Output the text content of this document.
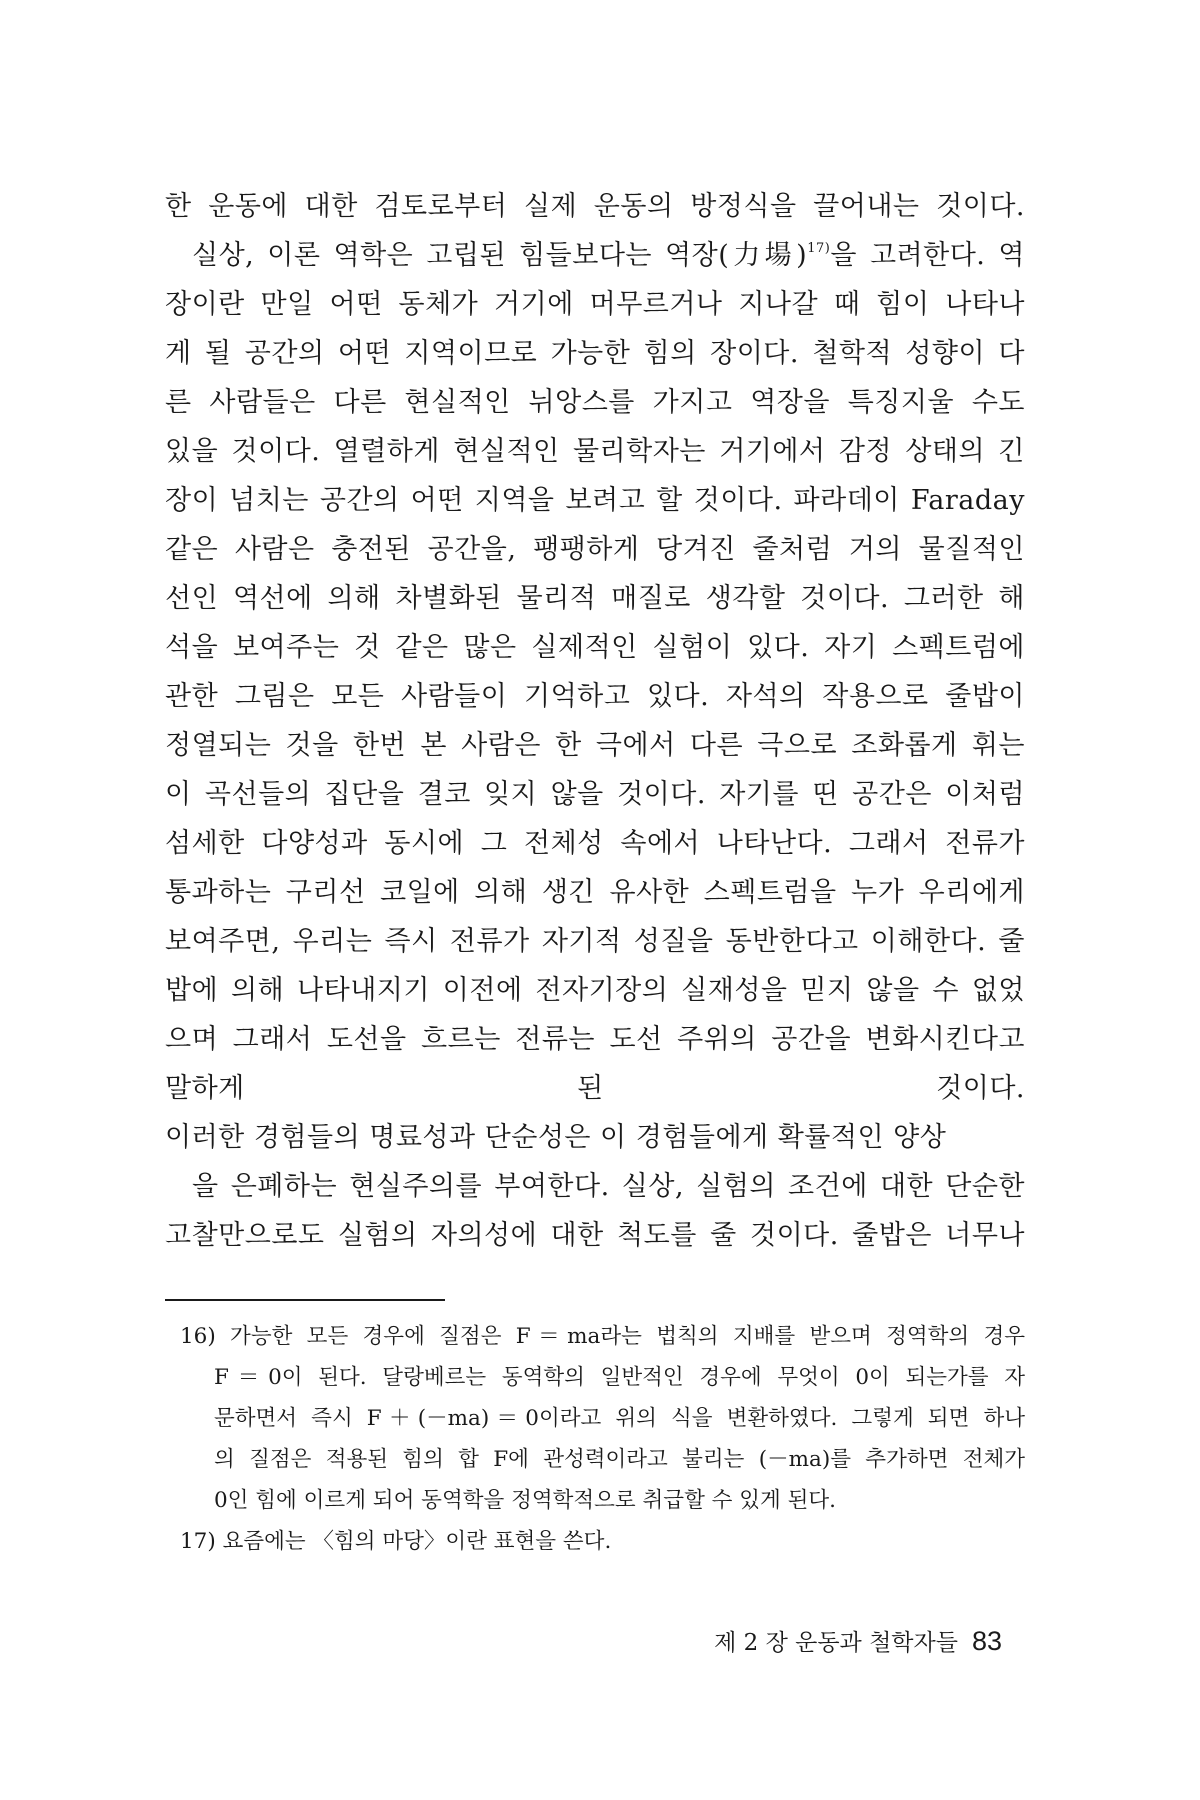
한 운동에 대한 검토로부터 실제 운동의 방정식을 끌어내는 것이다.
실상, 이론 역학은 고립된 힘들보다는 역장(力場)$^{17)}$을 고려한다. 역
장이란 만일 어떤 동체가 거기에 머무르거나 지나갈 때 힘이 나타나
게 될 공간의 어떤 지역이므로 가능한 힘의 장이다. 철학적 성향이 다
른 사람들은 다른 현실적인 뉘앙스를 가지고 역장을 특징지울 수도
있을 것이다. 열렬하게 현실적인 물리학자는 거기에서 감정 상태의 긴
장이 넘치는 공간의 어떤 지역을 보려고 할 것이다. 파라데이 Faraday
같은 사람은 충전된 공간을, 팽팽하게 당겨진 줄처럼 거의 물질적인
선인 역선에 의해 차별화된 물리적 매질로 생각할 것이다. 그러한 해
석을 보여주는 것 같은 많은 실제적인 실험이 있다. 자기 스펙트럼에
관한 그림은 모든 사람들이 기억하고 있다. 자석의 작용으로 줄밥이
정열되는 것을 한번 본 사람은 한 극에서 다른 극으로 조화롭게 휘는
이 곡선들의 집단을 결코 잊지 않을 것이다. 자기를 띤 공간은 이처럼
섬세한 다양성과 동시에 그 전체성 속에서 나타난다. 그래서 전류가
통과하는 구리선 코일에 의해 생긴 유사한 스펙트럼을 누가 우리에게
보여주면, 우리는 즉시 전류가 자기적 성질을 동반한다고 이해한다. 줄
밥에 의해 나타내지기 이전에 전자기장의 실재성을 믿지 않을 수 없었
으며 그래서 도선을 흐르는 전류는 도선 주위의 공간을 변화시킨다고
말하게 된 것이다.
이러한 경험들의 명료성과 단순성은 이 경험들에게 확률적인 양상
을 은폐하는 현실주의를 부여한다. 실상, 실험의 조건에 대한 단순한
고찰만으로도 실험의 자의성에 대한 척도를 줄 것이다. 줄밥은 너무나
16) 가능한 모든 경우에 질점은 F＝ma라는 법칙의 지배를 받으며 정역학의 경우
F＝0이 된다. 달랑베르는 동역학의 일반적인 경우에 무엇이 0이 되는가를 자
문하면서 즉시 F＋(－ma)＝0이라고 위의 식을 변환하였다. 그렇게 되면 하나
의 질점은 적용된 힘의 합 F에 관성력이라고 불리는 (－ma)를 추가하면 전체가
0인 힘에 이르게 되어 동역학을 정역학적으로 취급할 수 있게 된다.
17) 요즘에는 〈힘의 마당〉이란 표현을 쓴다.
제 2 장 운동과 철학자들 83
